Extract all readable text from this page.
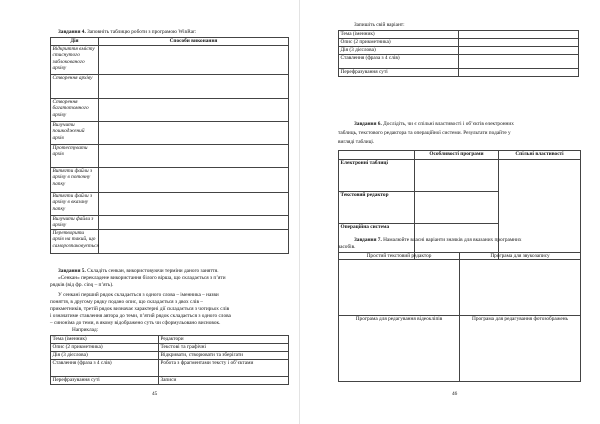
Завдання 4. Заповніть таблицю роботи з програмою WinRar:
Дія	Способи виконання
Відкриття вмісту стиснутого заблокованого архіву	
Створення архіву	
Створення багатотомного архіву	
Вилучити пошкоджений архів	
Протестувати архів	
Витягти файли з архіву в поточну папку	
Витягти файли з архіву в вказану папку	
Вилучити файли з архіву	
Перетворити архів на такий, що саморозпаковується	
Завдання 5. Складіть сенкан, використовуючи терміни даного заняття.
«Сенкан» перекладене використання білого вірша, що складається з п’яти
рядків (від фр. cinq – п’ять).
У сенкані перший рядок складається з одного слова – іменника – назви
поняття, в другому рядку подано опис, що складається з двох слів –
прикметників, третій рядок визначає характерні дії складається з чотирьох слів
і означатиме ставлення автора до теми, п’ятий рядок складається з одного слова
– синоніма до теми, в якому відображено суть чи сформульовано висновок.
Наприклад:
Тема (іменник)	Редактори
Опис (2 прикметника)	Текстові та графічні
Дія (3 дієслова)	Відкривати, створювати та зберігати
Ставлення (фраза з 4 слів)	Робота з фрагментами тексту і об’єктами
Перефразування суті	Записи
45
Запишіть свій варіант:
Тема (іменник)	
Опис (2 прикметника)	
Дія (3 дієслова)	
Ставлення (фраза з 4 слів)	
Перефразування суті	
Завдання 6. Дослідіть, чи є спільні властивості і об’єктів електронних
таблиць, текстового редактора та операційної системи. Результати подайте у
вигляді таблиці.
	Особливості програми	Спільні властивості
Електронні таблиці		
Текстовий редактор		
Операційна система		
Завдання 7. Намалюйте власні варіанти значків для вказаних програмних
засобів.
Простий текстовий редактор	Програма для звукозапису
Програма для редагування відеокліпів	Програма для редагування фотозображень
46
